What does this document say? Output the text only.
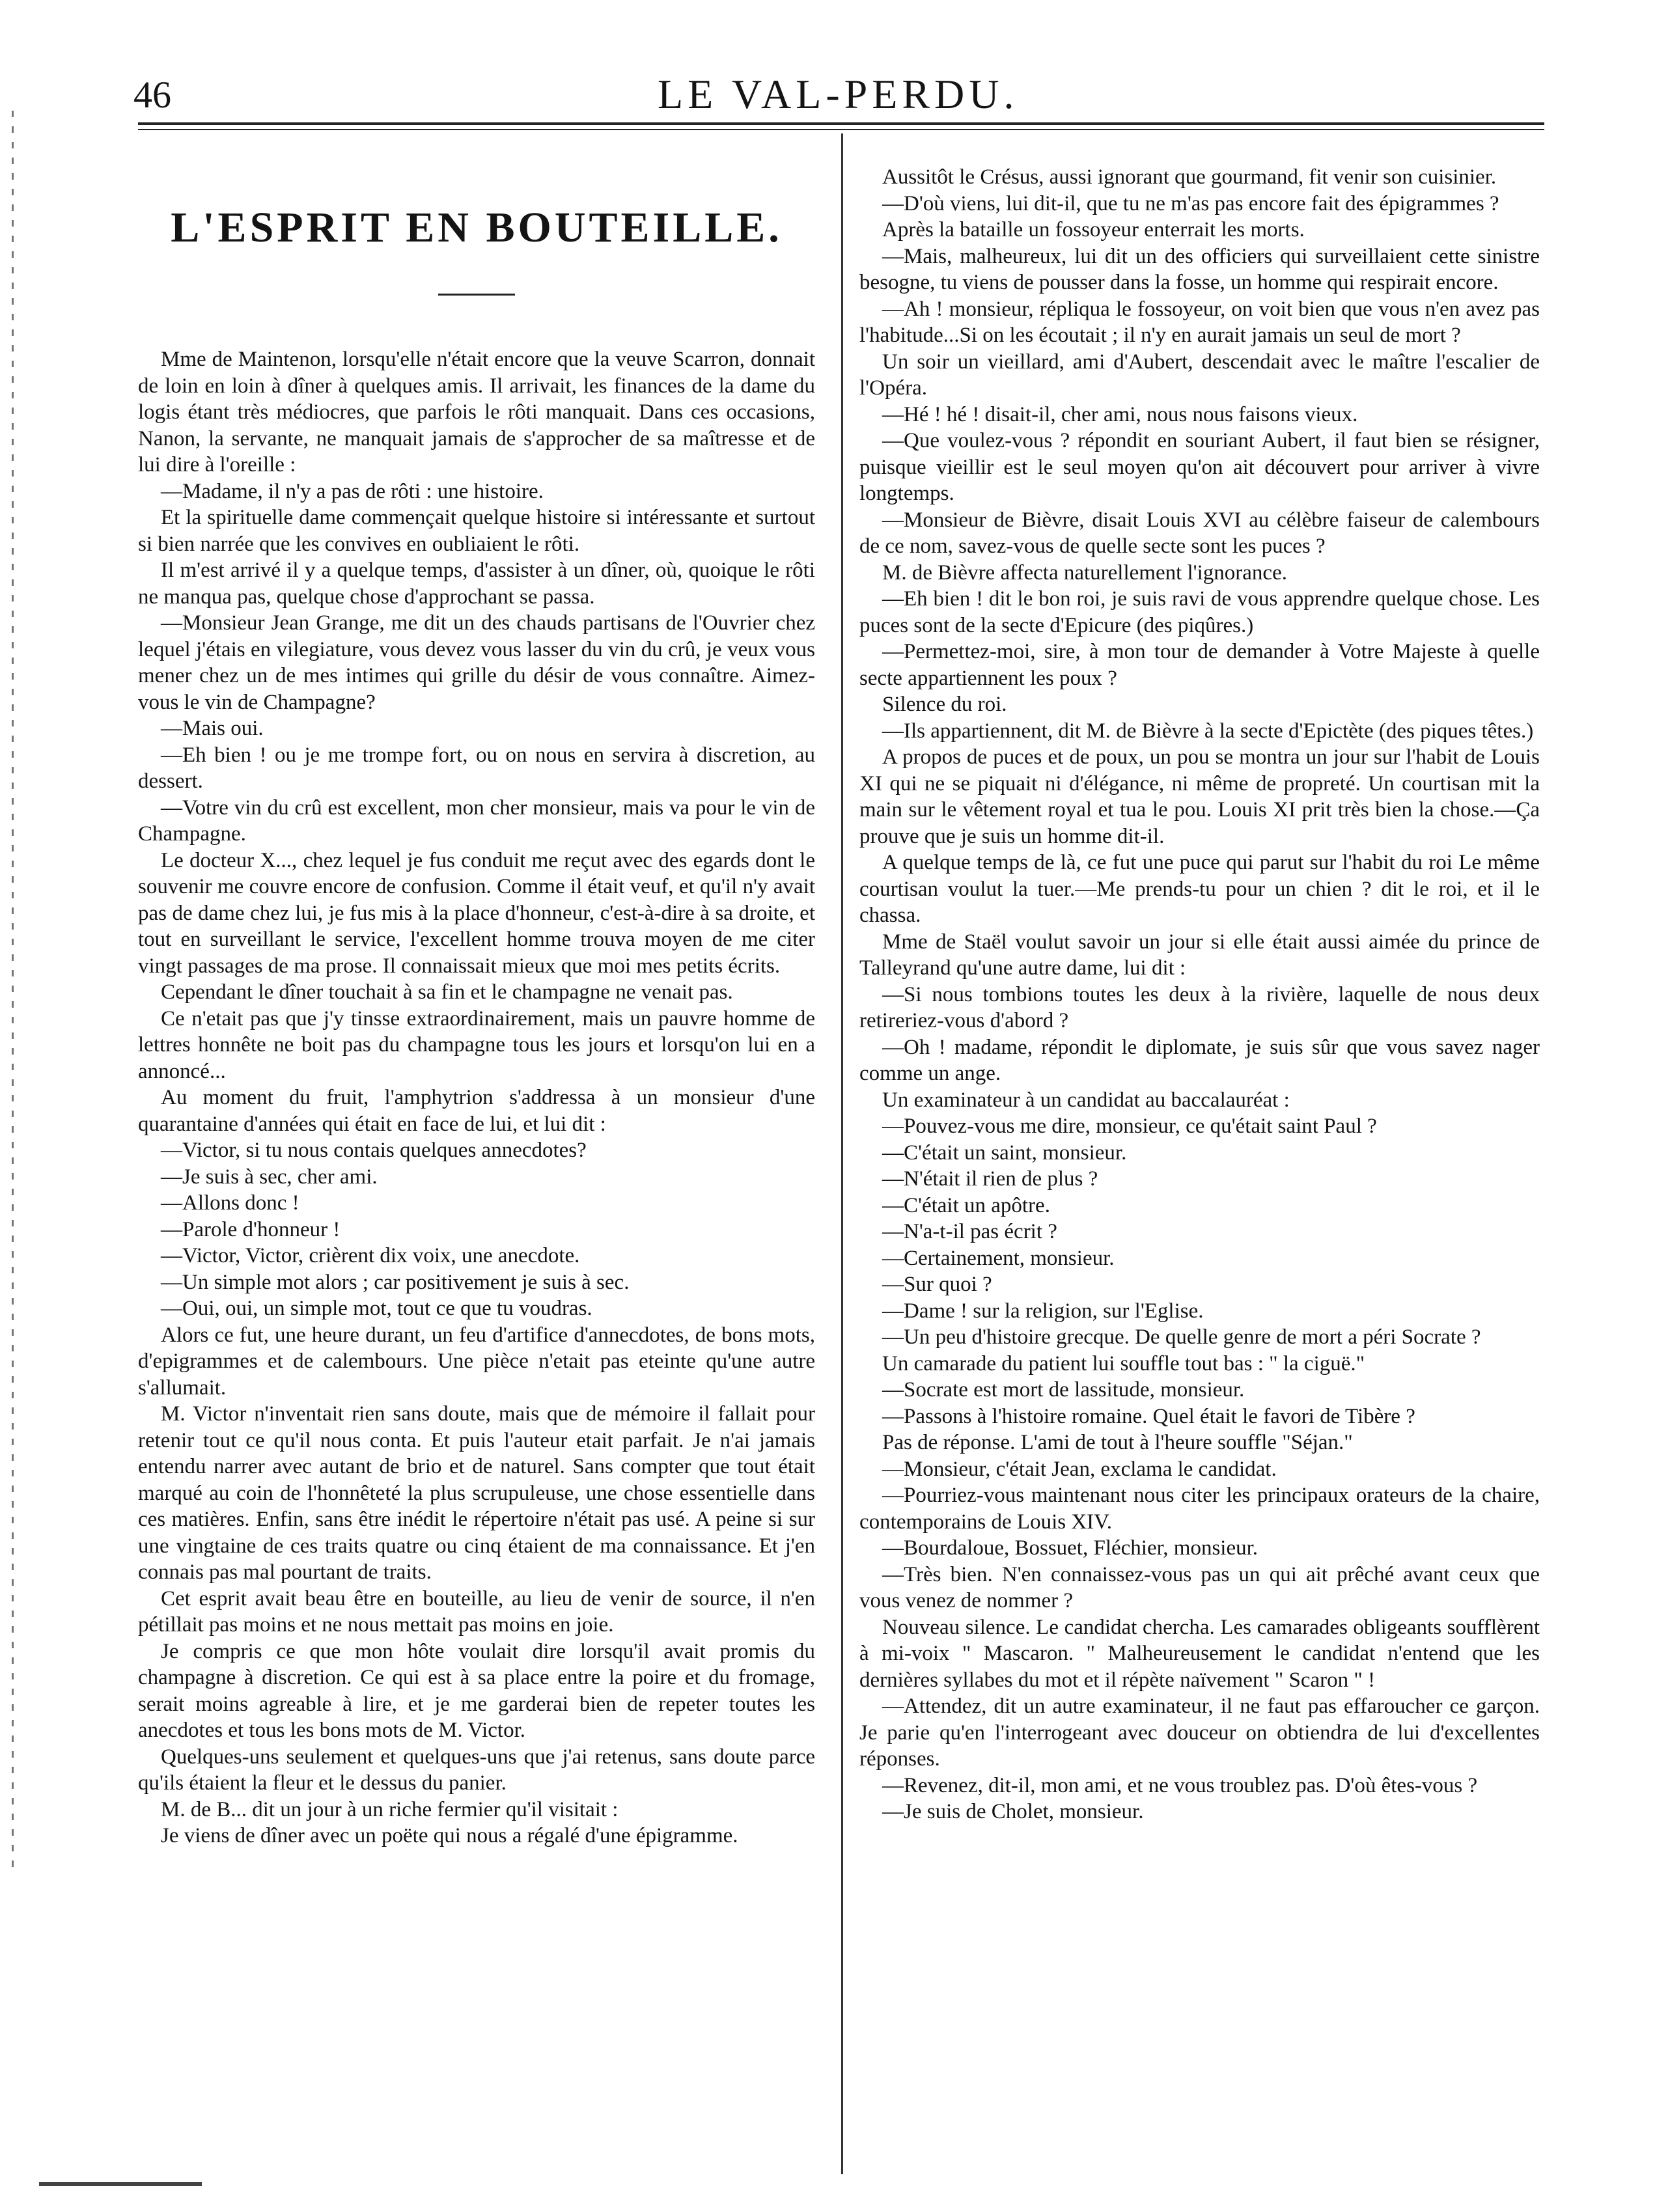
46	LE VAL-PERDU.
L'ESPRIT EN BOUTEILLE.

Mme de Maintenon, lorsqu'elle n'était encore que la veuve Scarron, donnait de loin en loin à dîner à quelques amis. Il arrivait, les finances de la dame du logis étant très médiocres, que parfois le rôti manquait. Dans ces occasions, Nanon, la servante, ne manquait jamais de s'approcher de sa maîtresse et de lui dire à l'oreille :

—Madame, il n'y a pas de rôti : une histoire.

Et la spirituelle dame commençait quelque histoire si intéressante et surtout si bien narrée que les convives en oubliaient le rôti.

Il m'est arrivé il y a quelque temps, d'assister à un dîner, où, quoique le rôti ne manqua pas, quelque chose d'approchant se passa.

—Monsieur Jean Grange, me dit un des chauds partisans de l'Ouvrier chez lequel j'étais en vilegiature, vous devez vous lasser du vin du crû, je veux vous mener chez un de mes intimes qui grille du désir de vous connaître. Aimez-vous le vin de Champagne?

—Mais oui.

—Eh bien ! ou je me trompe fort, ou on nous en servira à discretion, au dessert.

—Votre vin du crû est excellent, mon cher monsieur, mais va pour le vin de Champagne.

Le docteur X..., chez lequel je fus conduit me reçut avec des egards dont le souvenir me couvre encore de confusion. Comme il était veuf, et qu'il n'y avait pas de dame chez lui, je fus mis à la place d'honneur, c'est-à-dire à sa droite, et tout en surveillant le service, l'excellent homme trouva moyen de me citer vingt passages de ma prose. Il connaissait mieux que moi mes petits écrits.

Cependant le dîner touchait à sa fin et le champagne ne venait pas.

Ce n'etait pas que j'y tinsse extraordinairement, mais un pauvre homme de lettres honnête ne boit pas du champagne tous les jours et lorsqu'on lui en a annoncé...

Au moment du fruit, l'amphytrion s'addressa à un monsieur d'une quarantaine d'années qui était en face de lui, et lui dit :

—Victor, si tu nous contais quelques annecdotes?

—Je suis à sec, cher ami.

—Allons donc !

—Parole d'honneur !

—Victor, Victor, crièrent dix voix, une anecdote.

—Un simple mot alors ; car positivement je suis à sec.

—Oui, oui, un simple mot, tout ce que tu voudras.

Alors ce fut, une heure durant, un feu d'artifice d'annecdotes, de bons mots, d'epigrammes et de calembours. Une pièce n'etait pas eteinte qu'une autre s'allumait.

M. Victor n'inventait rien sans doute, mais que de mémoire il fallait pour retenir tout ce qu'il nous conta. Et puis l'auteur etait parfait. Je n'ai jamais entendu narrer avec autant de brio et de naturel. Sans compter que tout était marqué au coin de l'honnêteté la plus scrupuleuse, une chose essentielle dans ces matières. Enfin, sans être inédit le répertoire n'était pas usé. A peine si sur une vingtaine de ces traits quatre ou cinq étaient de ma connaissance. Et j'en connais pas mal pourtant de traits.

Cet esprit avait beau être en bouteille, au lieu de venir de source, il n'en pétillait pas moins et ne nous mettait pas moins en joie.

Je compris ce que mon hôte voulait dire lorsqu'il avait promis du champagne à discretion. Ce qui est à sa place entre la poire et du fromage, serait moins agreable à lire, et je me garderai bien de repeter toutes les anecdotes et tous les bons mots de M. Victor.

Quelques-uns seulement et quelques-uns que j'ai retenus, sans doute parce qu'ils étaient la fleur et le dessus du panier.

M. de B... dit un jour à un riche fermier qu'il visitait :

Je viens de dîner avec un poëte qui nous a régalé d'une épigramme.

Aussitôt le Crésus, aussi ignorant que gourmand, fit venir son cuisinier.

—D'où viens, lui dit-il, que tu ne m'as pas encore fait des épigrammes ?

Après la bataille un fossoyeur enterrait les morts.

—Mais, malheureux, lui dit un des officiers qui surveillaient cette sinistre besogne, tu viens de pousser dans la fosse, un homme qui respirait encore.

—Ah ! monsieur, répliqua le fossoyeur, on voit bien que vous n'en avez pas l'habitude...Si on les écoutait ; il n'y en aurait jamais un seul de mort ?

Un soir un vieillard, ami d'Aubert, descendait avec le maître l'escalier de l'Opéra.

—Hé ! hé ! disait-il, cher ami, nous nous faisons vieux.

—Que voulez-vous ? répondit en souriant Aubert, il faut bien se résigner, puisque vieillir est le seul moyen qu'on ait découvert pour arriver à vivre longtemps.

—Monsieur de Bièvre, disait Louis XVI au célèbre faiseur de calembours de ce nom, savez-vous de quelle secte sont les puces ?

M. de Bièvre affecta naturellement l'ignorance.

—Eh bien ! dit le bon roi, je suis ravi de vous apprendre quelque chose. Les puces sont de la secte d'Epicure (des piqûres.)

—Permettez-moi, sire, à mon tour de demander à Votre Majeste à quelle secte appartiennent les poux ?

Silence du roi.

—Ils appartiennent, dit M. de Bièvre à la secte d'Epictète (des piques têtes.)

A propos de puces et de poux, un pou se montra un jour sur l'habit de Louis XI qui ne se piquait ni d'élégance, ni même de propreté. Un courtisan mit la main sur le vêtement royal et tua le pou. Louis XI prit très bien la chose.—Ça prouve que je suis un homme dit-il.

A quelque temps de là, ce fut une puce qui parut sur l'habit du roi Le même courtisan voulut la tuer.—Me prends-tu pour un chien ? dit le roi, et il le chassa.

Mme de Staël voulut savoir un jour si elle était aussi aimée du prince de Talleyrand qu'une autre dame, lui dit :

—Si nous tombions toutes les deux à la rivière, laquelle de nous deux retireriez-vous d'abord ?

—Oh ! madame, répondit le diplomate, je suis sûr que vous savez nager comme un ange.

Un examinateur à un candidat au baccalauréat :

—Pouvez-vous me dire, monsieur, ce qu'était saint Paul ?

—C'était un saint, monsieur.

—N'était il rien de plus ?

—C'était un apôtre.

—N'a-t-il pas écrit ?

—Certainement, monsieur.

—Sur quoi ?

—Dame ! sur la religion, sur l'Eglise.

—Un peu d'histoire grecque. De quelle genre de mort a péri Socrate ?

Un camarade du patient lui souffle tout bas : " la ciguë."

—Socrate est mort de lassitude, monsieur.

—Passons à l'histoire romaine. Quel était le favori de Tibère ?

Pas de réponse. L'ami de tout à l'heure souffle "Séjan."

—Monsieur, c'était Jean, exclama le candidat.

—Pourriez-vous maintenant nous citer les principaux orateurs de la chaire, contemporains de Louis XIV.

—Bourdaloue, Bossuet, Fléchier, monsieur.

—Très bien. N'en connaissez-vous pas un qui ait prêché avant ceux que vous venez de nommer ?

Nouveau silence. Le candidat chercha. Les camarades obligeants soufflèrent à mi-voix " Mascaron. " Malheureusement le candidat n'entend que les dernières syllabes du mot et il répète naïvement " Scaron " !

—Attendez, dit un autre examinateur, il ne faut pas effaroucher ce garçon. Je parie qu'en l'interrogeant avec douceur on obtiendra de lui d'excellentes réponses.

—Revenez, dit-il, mon ami, et ne vous troublez pas. D'où êtes-vous ?

—Je suis de Cholet, monsieur.
